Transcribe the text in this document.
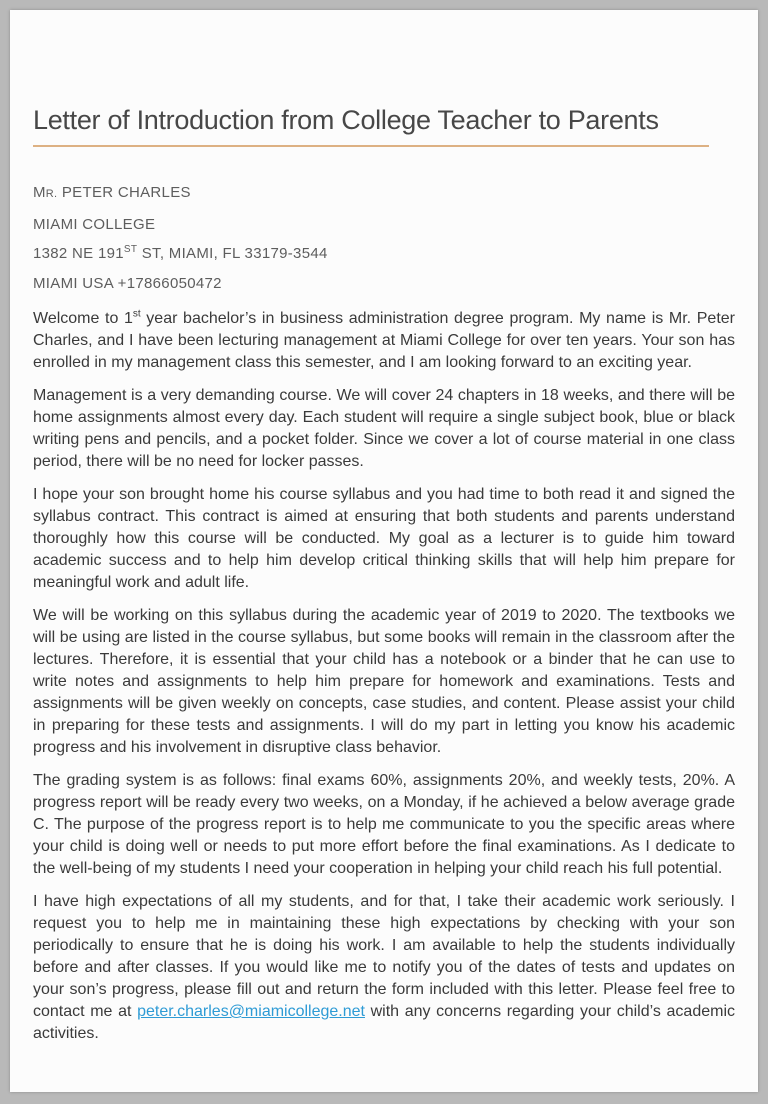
Letter of Introduction from College Teacher to Parents

MR. PETER CHARLES

MIAMI COLLEGE

1382 NE 191ST ST, MIAMI, FL 33179-3544

MIAMI USA +17866050472

Welcome to 1st year bachelor’s in business administration degree program. My name is Mr. Peter Charles, and I have been lecturing management at Miami College for over ten years. Your son has enrolled in my management class this semester, and I am looking forward to an exciting year.

Management is a very demanding course. We will cover 24 chapters in 18 weeks, and there will be home assignments almost every day. Each student will require a single subject book, blue or black writing pens and pencils, and a pocket folder. Since we cover a lot of course material in one class period, there will be no need for locker passes.

I hope your son brought home his course syllabus and you had time to both read it and signed the syllabus contract. This contract is aimed at ensuring that both students and parents understand thoroughly how this course will be conducted. My goal as a lecturer is to guide him toward academic success and to help him develop critical thinking skills that will help him prepare for meaningful work and adult life.

We will be working on this syllabus during the academic year of 2019 to 2020. The textbooks we will be using are listed in the course syllabus, but some books will remain in the classroom after the lectures. Therefore, it is essential that your child has a notebook or a binder that he can use to write notes and assignments to help him prepare for homework and examinations. Tests and assignments will be given weekly on concepts, case studies, and content. Please assist your child in preparing for these tests and assignments. I will do my part in letting you know his academic progress and his involvement in disruptive class behavior.

The grading system is as follows: final exams 60%, assignments 20%, and weekly tests, 20%. A progress report will be ready every two weeks, on a Monday, if he achieved a below average grade C. The purpose of the progress report is to help me communicate to you the specific areas where your child is doing well or needs to put more effort before the final examinations. As I dedicate to the well-being of my students I need your cooperation in helping your child reach his full potential.

I have high expectations of all my students, and for that, I take their academic work seriously. I request you to help me in maintaining these high expectations by checking with your son periodically to ensure that he is doing his work. I am available to help the students individually before and after classes. If you would like me to notify you of the dates of tests and updates on your son’s progress, please fill out and return the form included with this letter. Please feel free to contact me at peter.charles@miamicollege.net with any concerns regarding your child’s academic activities.
